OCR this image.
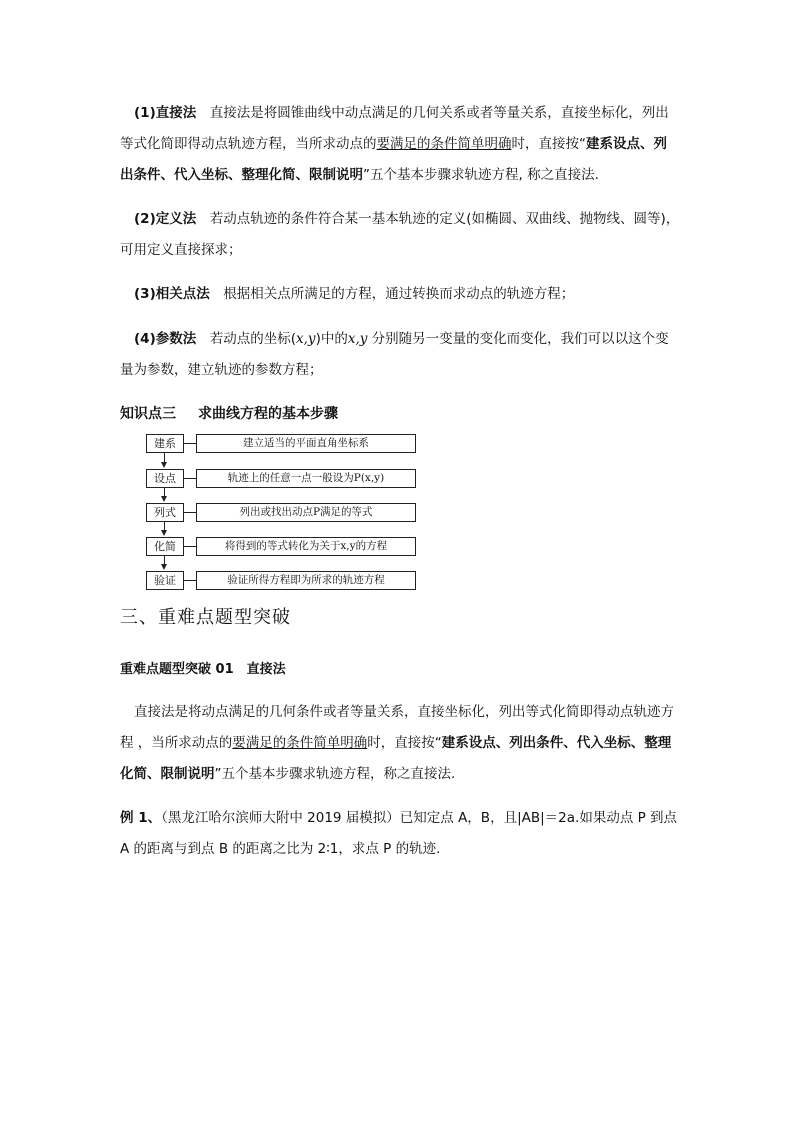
(1)直接法　 直接法是将圆锥曲线中动点满足的几何关系或者等量关系，直接坐标化，列出等式化简即得动点轨迹方程，当所求动点的要满足的条件简单明确时，直接按“建系设点、列出条件、代入坐标、整理化简、限制说明”五个基本步骤求轨迹方程, 称之直接法.
(2)定义法　 若动点轨迹的条件符合某一基本轨迹的定义(如椭圆、双曲线、抛物线、圆等)，可用定义直接探求；
(3)相关点法　 根据相关点所满足的方程，通过转换而求动点的轨迹方程；
(4)参数法　 若动点的坐标(x,y)中的x,y 分别随另一变量的变化而变化，我们可以以这个变量为参数，建立轨迹的参数方程；
知识点三 求曲线方程的基本步骤
建系	建立适当的平面直角坐标系
设点	轨迹上的任意一点一般设为P(x,y)
列式	列出或找出动点P满足的等式
化简	将得到的等式转化为关于x,y的方程
验证	验证所得方程即为所求的轨迹方程
三、重难点题型突破
重难点题型突破 01　直接法
直接法是将动点满足的几何条件或者等量关系，直接坐标化，列出等式化简即得动点轨迹方程 ，当所求动点的要满足的条件简单明确时，直接按“建系设点、列出条件、代入坐标、整理化简、限制说明”五个基本步骤求轨迹方程，称之直接法.
例 1、（黑龙江哈尔滨师大附中 2019 届模拟）已知定点 A，B，且|AB|＝2a.如果动点 P 到点 A 的距离与到点 B 的距离之比为 2∶1，求点 P 的轨迹.
